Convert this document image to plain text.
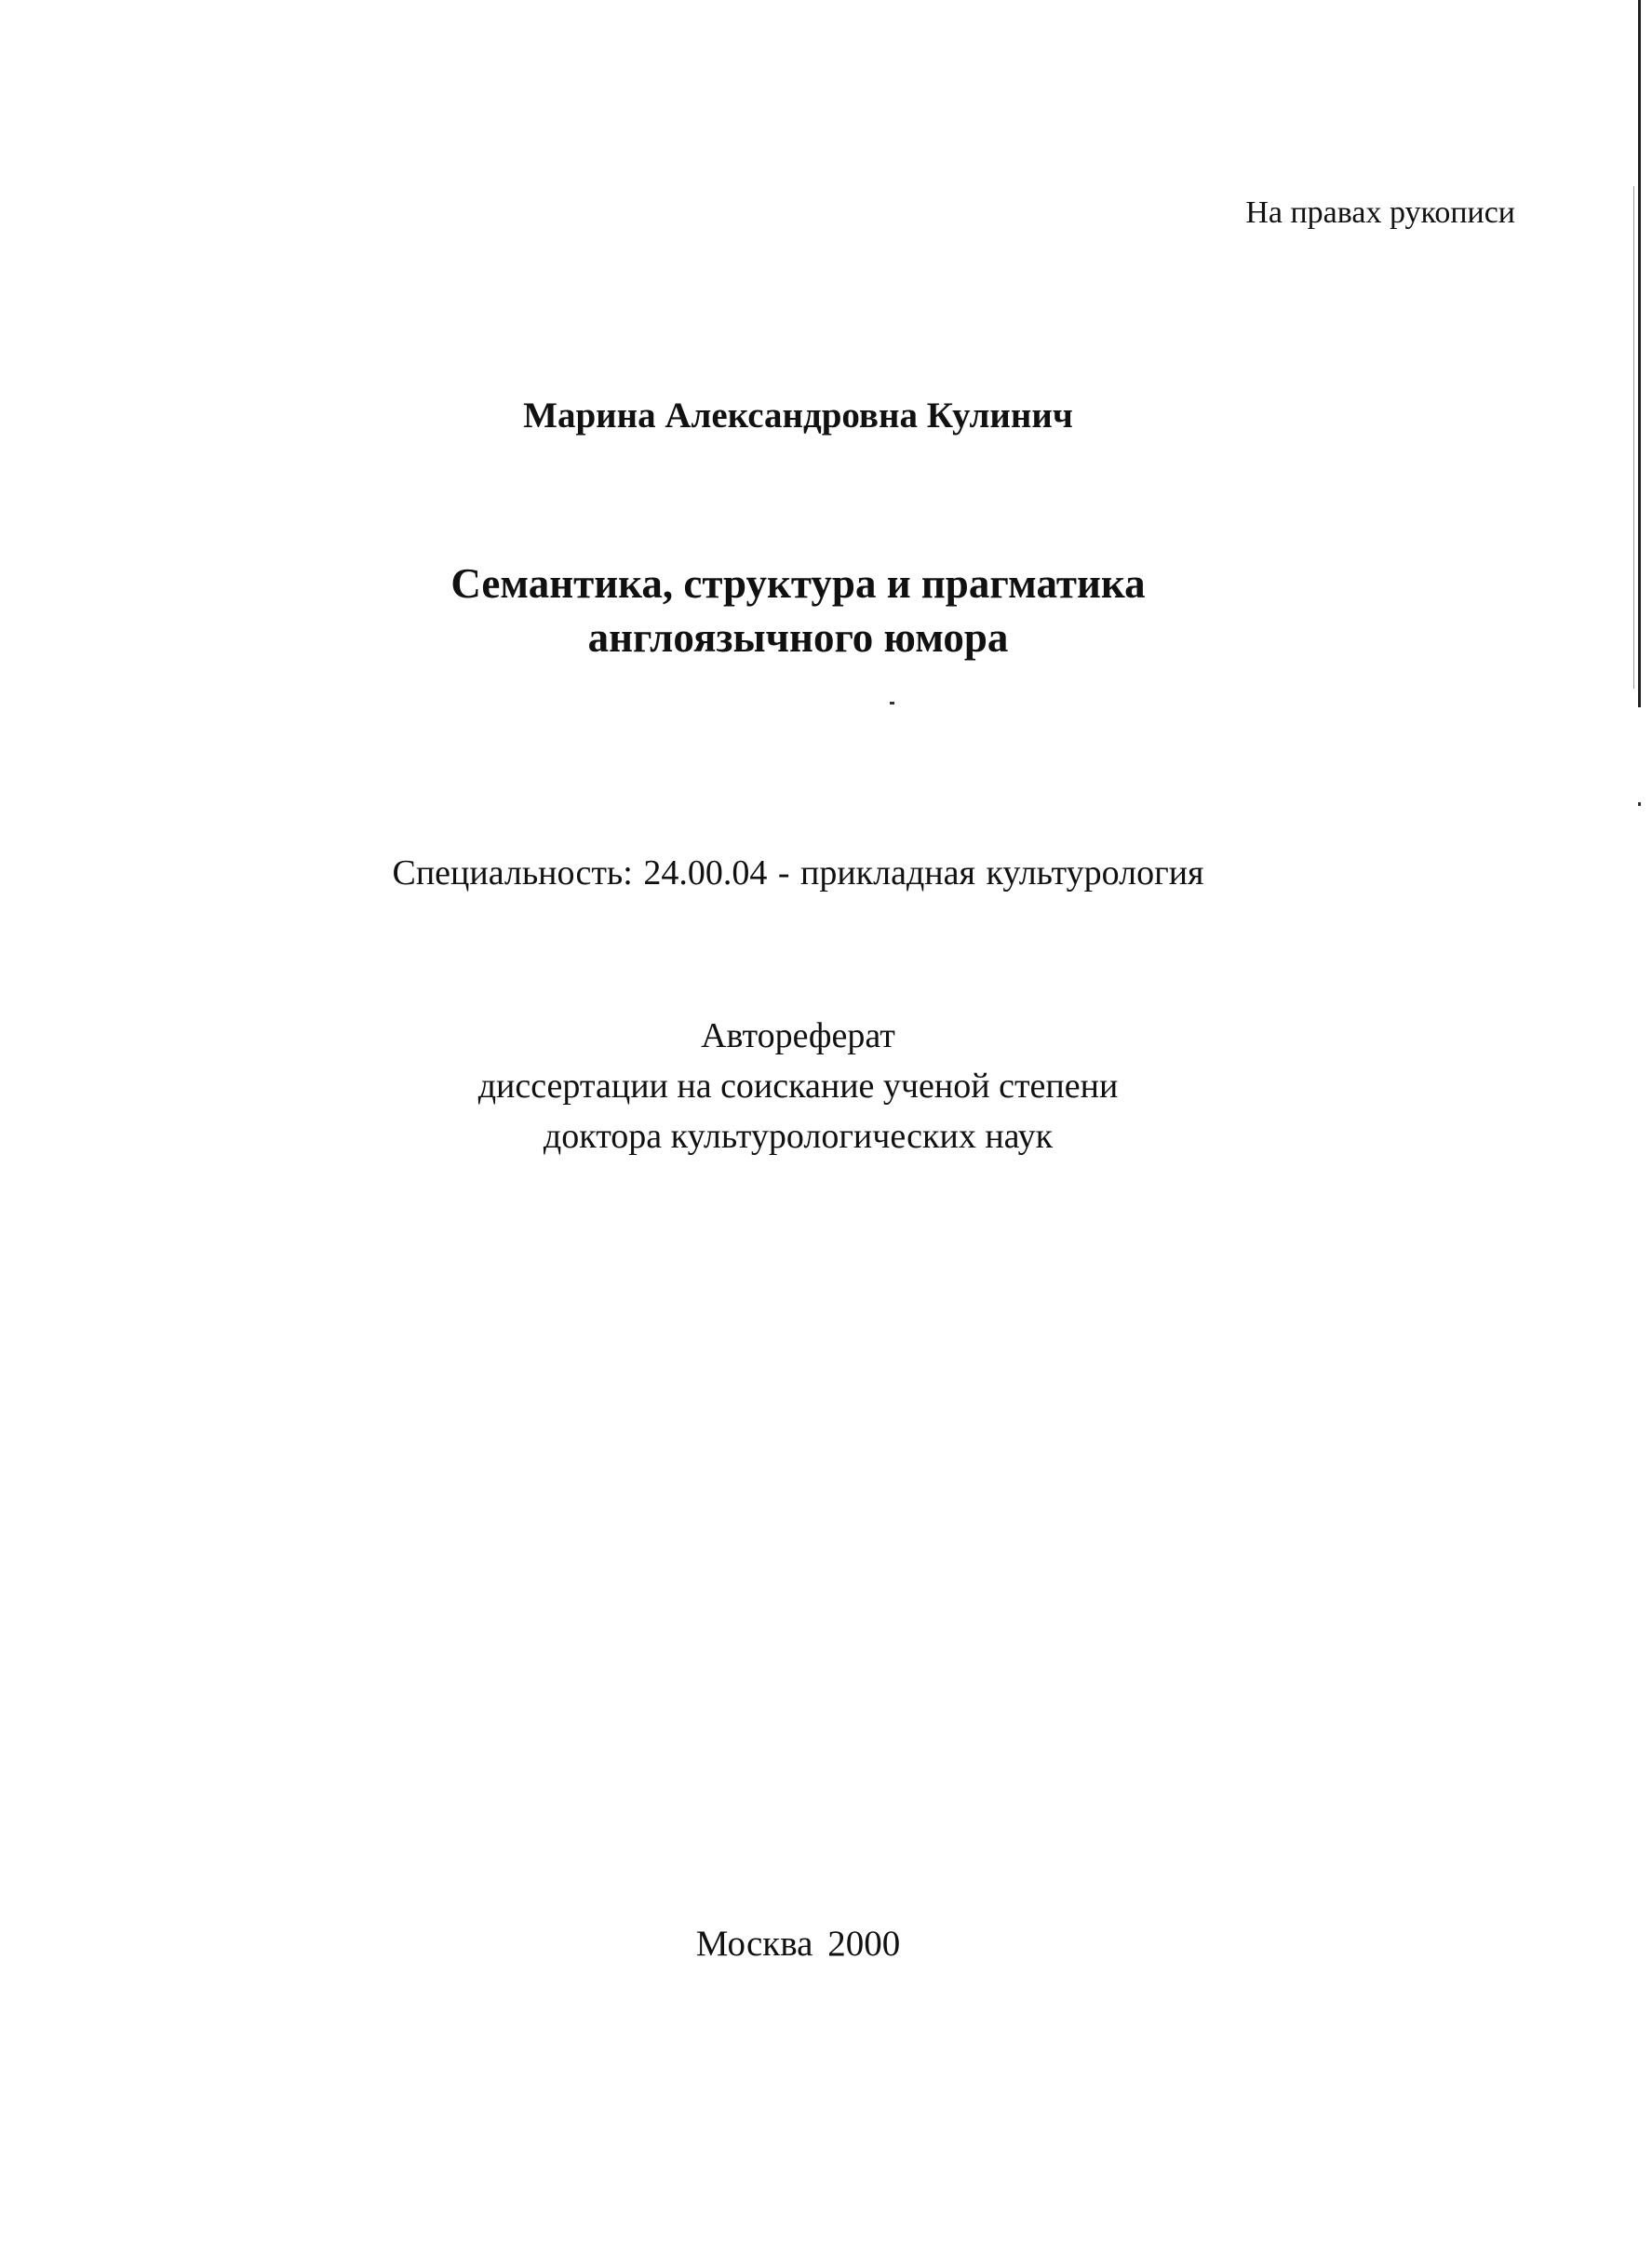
На правах рукописи

Марина Александровна Кулинич

Семантика, структура и прагматика
англоязычного юмора

Специальность: 24.00.04 - прикладная культурология

Автореферат
диссертации на соискание ученой степени
доктора культурологических наук

Москва 2000
